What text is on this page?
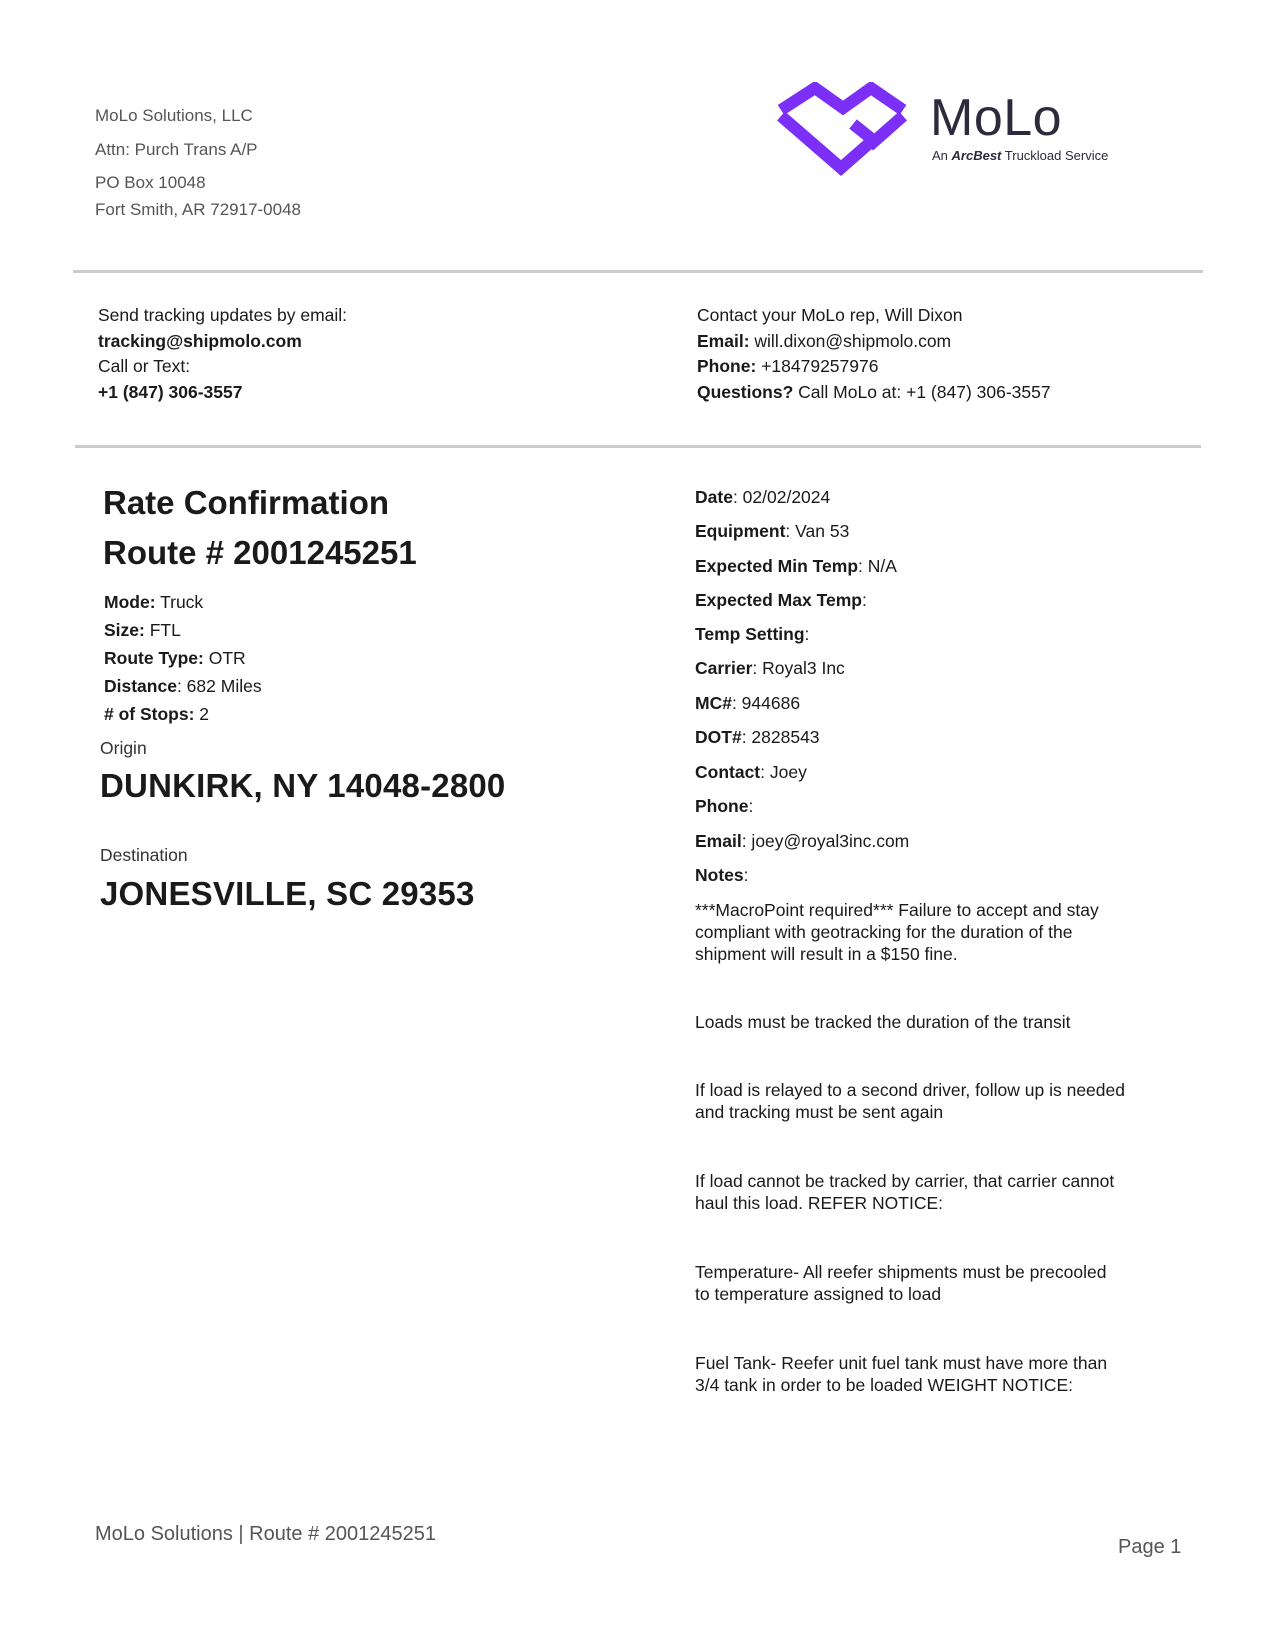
MoLo Solutions, LLC
Attn: Purch Trans A/P
PO Box 10048
Fort Smith, AR 72917-0048
MoLo
An ArcBest Truckload Service
Send tracking updates by email:
tracking@shipmolo.com
Call or Text:
+1 (847) 306-3557
Contact your MoLo rep, Will Dixon
Email: will.dixon@shipmolo.com
Phone: +18479257976
Questions? Call MoLo at: +1 (847) 306-3557
Rate Confirmation
Route # 2001245251
Mode: Truck
Size: FTL
Route Type: OTR
Distance: 682 Miles
# of Stops: 2
Origin
DUNKIRK, NY 14048-2800
Destination
JONESVILLE, SC 29353
Date: 02/02/2024
Equipment: Van 53
Expected Min Temp: N/A
Expected Max Temp:
Temp Setting:
Carrier: Royal3 Inc
MC#: 944686
DOT#: 2828543
Contact: Joey
Phone:
Email: joey@royal3inc.com
Notes:
***MacroPoint required*** Failure to accept and stay compliant with geotracking for the duration of the shipment will result in a $150 fine.
Loads must be tracked the duration of the transit
If load is relayed to a second driver, follow up is needed and tracking must be sent again
If load cannot be tracked by carrier, that carrier cannot haul this load. REFER NOTICE:
Temperature- All reefer shipments must be precooled to temperature assigned to load
Fuel Tank- Reefer unit fuel tank must have more than 3/4 tank in order to be loaded WEIGHT NOTICE:
MoLo Solutions | Route # 2001245251
Page 1
